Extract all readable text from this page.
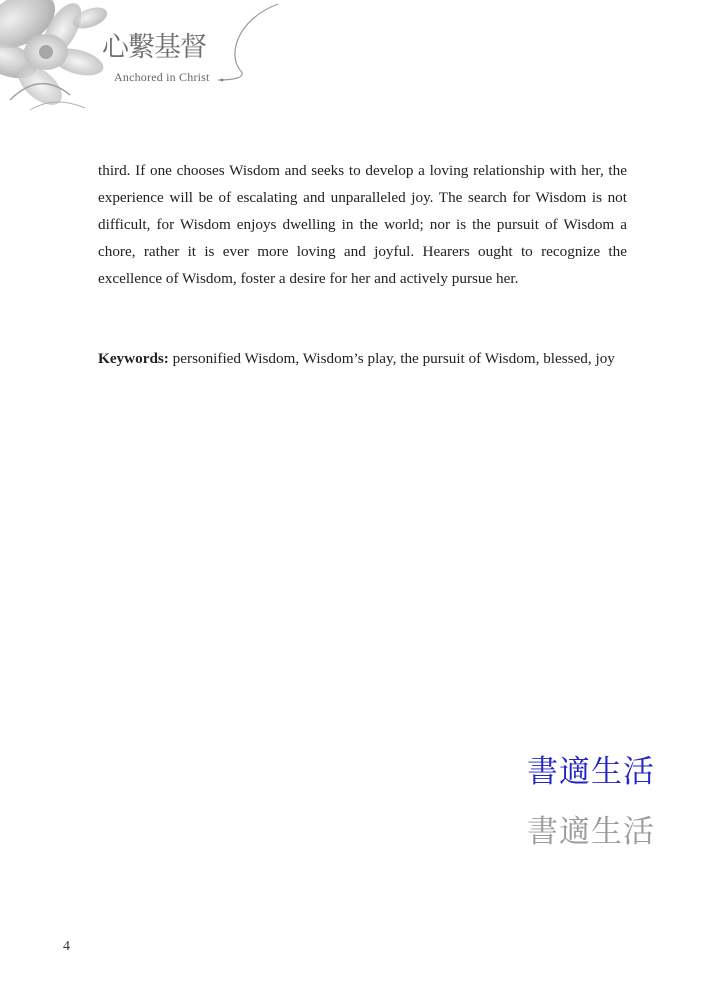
心繫基督
Anchored in Christ

third. If one chooses Wisdom and seeks to develop a loving relationship with her, the experience will be of escalating and unparalleled joy. The search for Wisdom is not difficult, for Wisdom enjoys dwelling in the world; nor is the pursuit of Wisdom a chore, rather it is ever more loving and joyful. Hearers ought to recognize the excellence of Wisdom, foster a desire for her and actively pursue her.

Keywords: personified Wisdom, Wisdom’s play, the pursuit of Wisdom, blessed, joy

書適生活
書適生活
4
